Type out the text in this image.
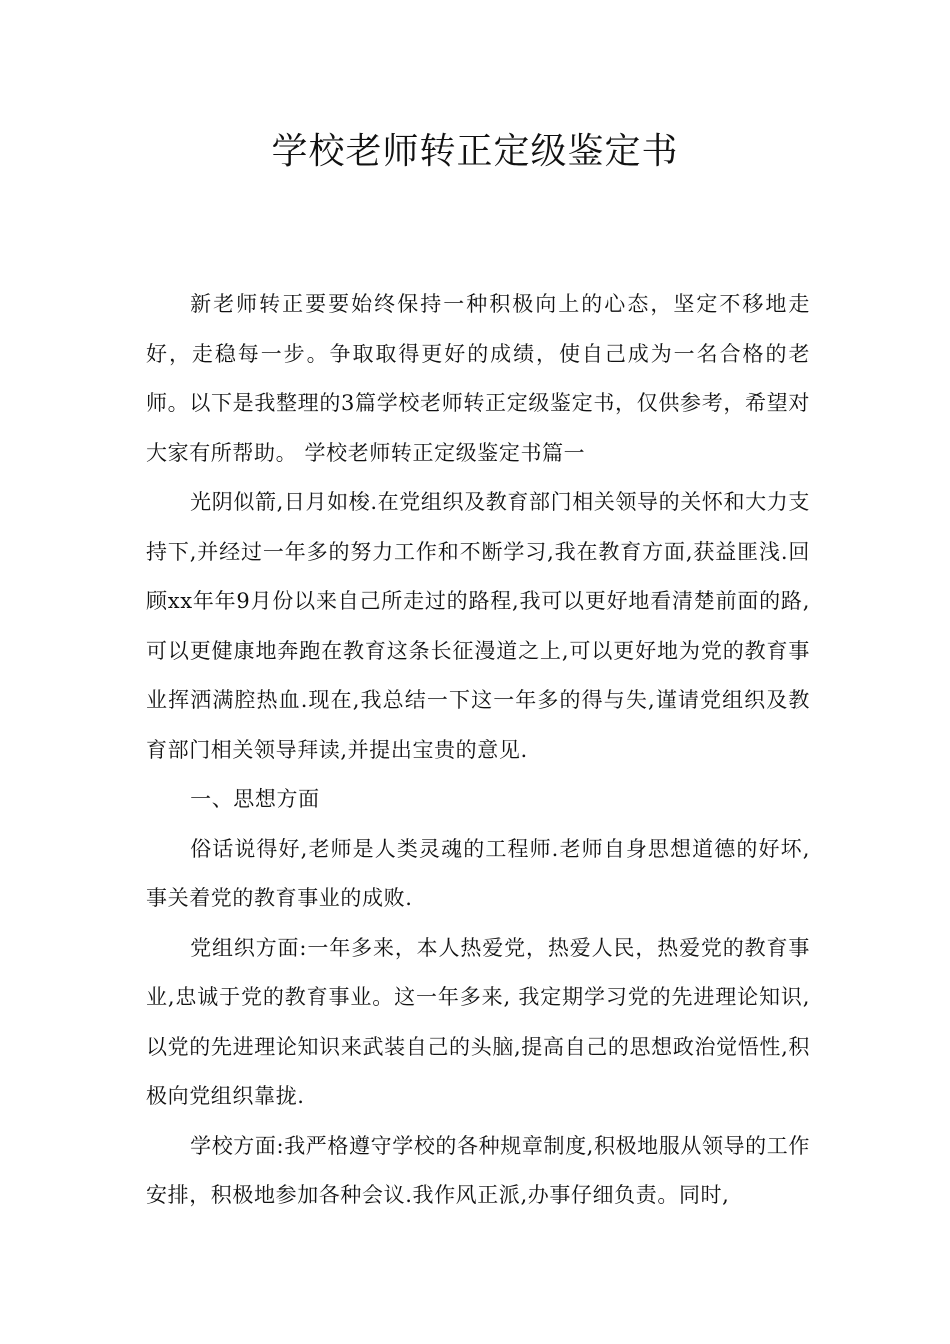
学校老师转正定级鉴定书

新老师转正要要始终保持一种积极向上的心态，坚定不移地走好，走稳每一步。争取取得更好的成绩，使自己成为一名合格的老师。以下是我整理的3篇学校老师转正定级鉴定书，仅供参考，希望对大家有所帮助。 学校老师转正定级鉴定书篇一

光阴似箭,日月如梭.在党组织及教育部门相关领导的关怀和大力支持下,并经过一年多的努力工作和不断学习,我在教育方面,获益匪浅.回顾xx年年9月份以来自己所走过的路程,我可以更好地看清楚前面的路,可以更健康地奔跑在教育这条长征漫道之上,可以更好地为党的教育事业挥洒满腔热血.现在,我总结一下这一年多的得与失,谨请党组织及教育部门相关领导拜读,并提出宝贵的意见.

一、思想方面

俗话说得好,老师是人类灵魂的工程师.老师自身思想道德的好坏,事关着党的教育事业的成败.

党组织方面:一年多来，本人热爱党，热爱人民，热爱党的教育事业,忠诚于党的教育事业。这一年多来, 我定期学习党的先进理论知识,以党的先进理论知识来武装自己的头脑,提高自己的思想政治觉悟性,积极向党组织靠拢.

学校方面:我严格遵守学校的各种规章制度,积极地服从领导的工作安排，积极地参加各种会议.我作风正派,办事仔细负责。同时,
